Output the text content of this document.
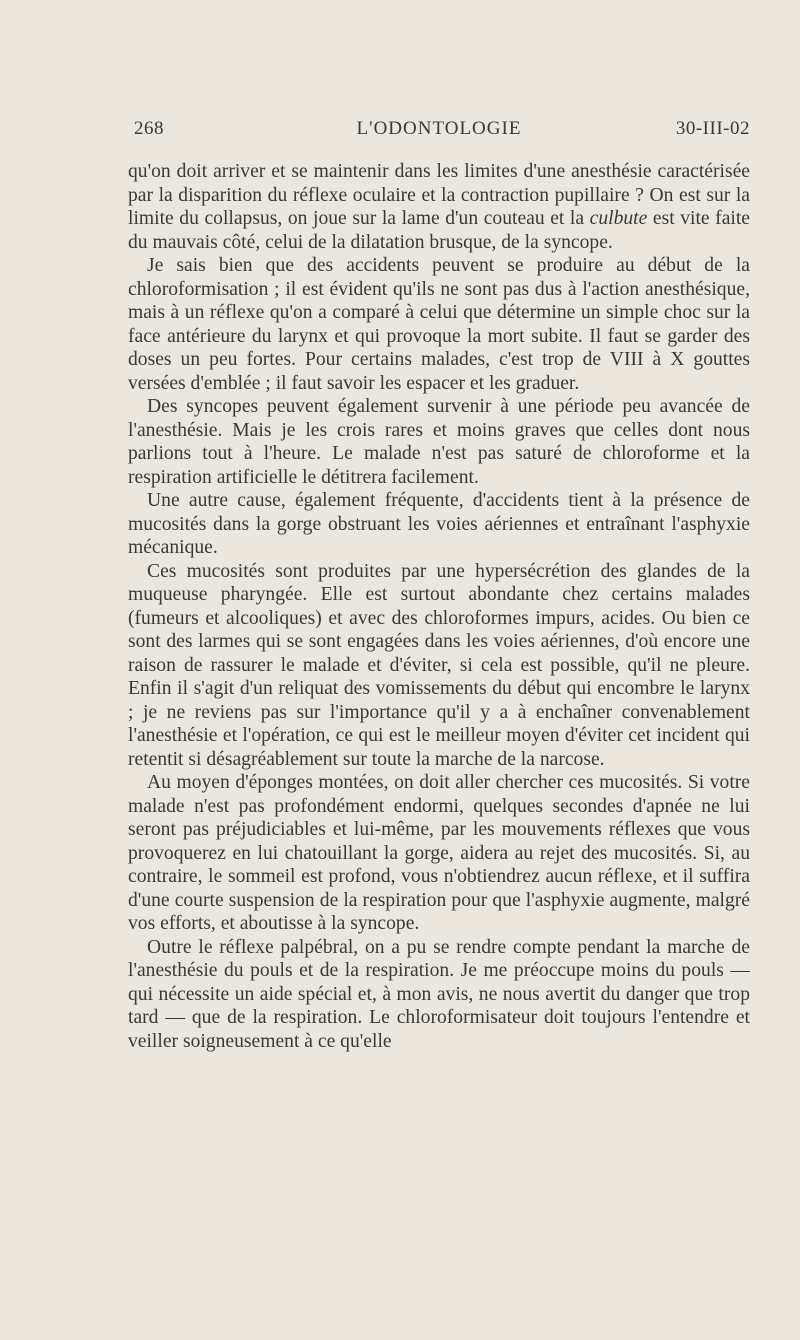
268	L'ODONTOLOGIE	30-III-02

qu'on doit arriver et se maintenir dans les limites d'une anesthésie caractérisée par la disparition du réflexe oculaire et la contraction pupillaire ? On est sur la limite du collapsus, on joue sur la lame d'un couteau et la culbute est vite faite du mauvais côté, celui de la dilatation brusque, de la syncope.

Je sais bien que des accidents peuvent se produire au début de la chloroformisation ; il est évident qu'ils ne sont pas dus à l'action anesthésique, mais à un réflexe qu'on a comparé à celui que détermine un simple choc sur la face antérieure du larynx et qui provoque la mort subite. Il faut se garder des doses un peu fortes. Pour certains malades, c'est trop de VIII à X gouttes versées d'emblée ; il faut savoir les espacer et les graduer.

Des syncopes peuvent également survenir à une période peu avancée de l'anesthésie. Mais je les crois rares et moins graves que celles dont nous parlions tout à l'heure. Le malade n'est pas saturé de chloroforme et la respiration artificielle le détitrera facilement.

Une autre cause, également fréquente, d'accidents tient à la présence de mucosités dans la gorge obstruant les voies aériennes et entraînant l'asphyxie mécanique.

Ces mucosités sont produites par une hypersécrétion des glandes de la muqueuse pharyngée. Elle est surtout abondante chez certains malades (fumeurs et alcooliques) et avec des chloroformes impurs, acides. Ou bien ce sont des larmes qui se sont engagées dans les voies aériennes, d'où encore une raison de rassurer le malade et d'éviter, si cela est possible, qu'il ne pleure. Enfin il s'agit d'un reliquat des vomissements du début qui encombre le larynx ; je ne reviens pas sur l'importance qu'il y a à enchaîner convenablement l'anesthésie et l'opération, ce qui est le meilleur moyen d'éviter cet incident qui retentit si désagréablement sur toute la marche de la narcose.

Au moyen d'éponges montées, on doit aller chercher ces mucosités. Si votre malade n'est pas profondément endormi, quelques secondes d'apnée ne lui seront pas préjudiciables et lui-même, par les mouvements réflexes que vous provoquerez en lui chatouillant la gorge, aidera au rejet des mucosités. Si, au contraire, le sommeil est profond, vous n'obtiendrez aucun réflexe, et il suffira d'une courte suspension de la respiration pour que l'asphyxie augmente, malgré vos efforts, et aboutisse à la syncope.

Outre le réflexe palpébral, on a pu se rendre compte pendant la marche de l'anesthésie du pouls et de la respiration. Je me préoccupe moins du pouls — qui nécessite un aide spécial et, à mon avis, ne nous avertit du danger que trop tard — que de la respiration. Le chloroformisateur doit toujours l'entendre et veiller soigneusement à ce qu'elle
